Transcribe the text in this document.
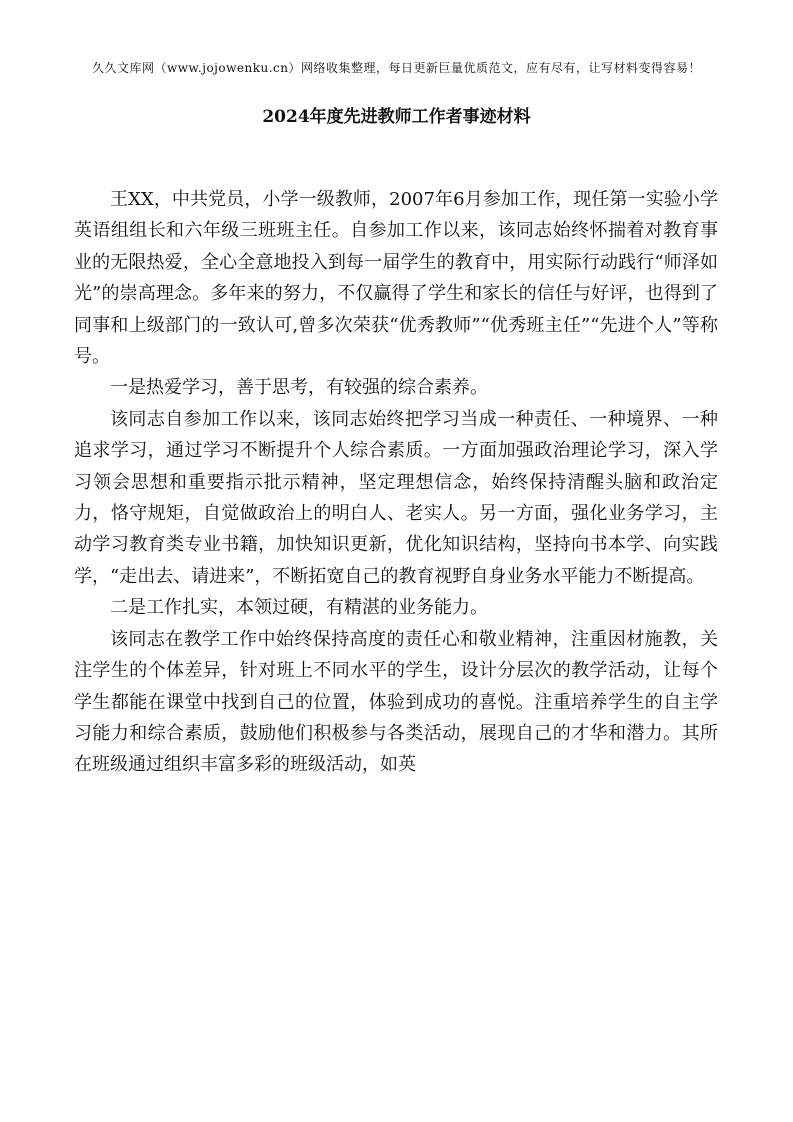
久久文库网（www.jojowenku.cn）网络收集整理，每日更新巨量优质范文，应有尽有，让写材料变得容易！
2024年度先进教师工作者事迹材料

王XX，中共党员，小学一级教师，2007年6月参加工作，现任第一实验小学英语组组长和六年级三班班主任。自参加工作以来，该同志始终怀揣着对教育事业的无限热爱，全心全意地投入到每一届学生的教育中，用实际行动践行“师泽如光”的崇高理念。多年来的努力，不仅赢得了学生和家长的信任与好评，也得到了同事和上级部门的一致认可,曾多次荣获“优秀教师”“优秀班主任”“先进个人”等称号。

一是热爱学习，善于思考，有较强的综合素养。

该同志自参加工作以来，该同志始终把学习当成一种责任、一种境界、一种追求学习，通过学习不断提升个人综合素质。一方面加强政治理论学习，深入学习领会思想和重要指示批示精神，坚定理想信念，始终保持清醒头脑和政治定力，恪守规矩，自觉做政治上的明白人、老实人。另一方面，强化业务学习，主动学习教育类专业书籍，加快知识更新，优化知识结构，坚持向书本学、向实践学，“走出去、请进来”，不断拓宽自己的教育视野自身业务水平能力不断提高。

二是工作扎实，本领过硬，有精湛的业务能力。

该同志在教学工作中始终保持高度的责任心和敬业精神，注重因材施教，关注学生的个体差异，针对班上不同水平的学生，设计分层次的教学活动，让每个学生都能在课堂中找到自己的位置，体验到成功的喜悦。注重培养学生的自主学习能力和综合素质，鼓励他们积极参与各类活动，展现自己的才华和潜力。其所在班级通过组织丰富多彩的班级活动，如英
